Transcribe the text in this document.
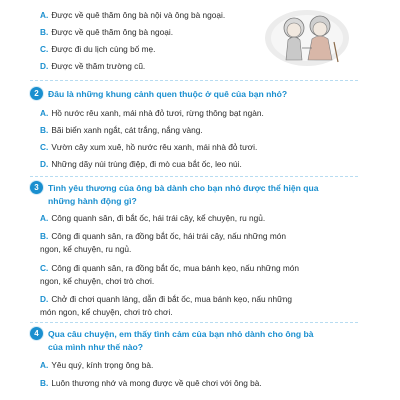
A. Được về quê thăm ông bà nội và ông bà ngoại.
B. Được về quê thăm ông bà ngoại.
C. Được đi du lịch cùng bố mẹ.
D. Được về thăm trường cũ.
2	Đâu là những khung cảnh quen thuộc ở quê của bạn nhỏ?
A. Hồ nước rêu xanh, mái nhà đỏ tươi, rừng thông bạt ngàn.
B. Bãi biển xanh ngắt, cát trắng, nắng vàng.
C. Vườn cây xum xuê, hồ nước rêu xanh, mái nhà đỏ tươi.
D. Những dãy núi trùng điệp, đi mò cua bắt ốc, leo núi.
3	Tình yêu thương của ông bà dành cho bạn nhỏ được thể hiện qua
những hành động gì?
A. Công quanh sân, đi bắt ốc, hái trái cây, kể chuyện, ru ngủ.
B. Công đi quanh sân, ra đồng bắt ốc, hái trái cây, nấu những món
ngon, kể chuyện, ru ngủ.
C. Công đi quanh sân, ra đồng bắt ốc, mua bánh kẹo, nấu những món
ngon, kể chuyện, chơi trò chơi.
D. Chở đi chơi quanh làng, dẫn đi bắt ốc, mua bánh kẹo, nấu những
món ngon, kể chuyện, chơi trò chơi.
4	Qua câu chuyện, em thấy tình cảm của bạn nhỏ dành cho ông bà
của mình như thế nào?
A. Yêu quý, kính trọng ông bà.
B. Luôn thương nhớ và mong được về quê chơi với ông bà.
